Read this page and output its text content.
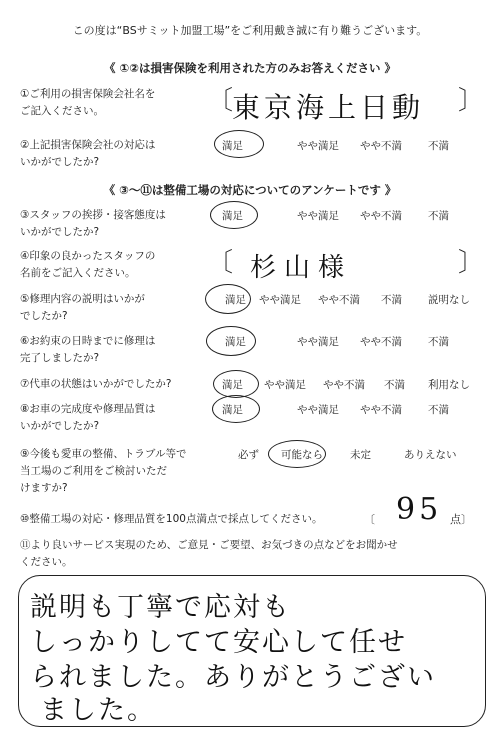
この度は“BSサミット加盟工場”をご利用戴き誠に有り難うございます。
《 ①②は損害保険を利用された方のみお答えください 》
①ご利用の損害保険会社名を
ご記入ください。	〔
東京海上日動 〕
②上記損害保険会社の対応は
いかがでしたか?
満足	やや満足 やや不満 不満
《 ③〜⑪は整備工場の対応についてのアンケートです 》
③スタッフの挨拶・接客態度は
いかがでしたか?
満足	やや満足 やや不満 不満
④印象の良かったスタッフの
名前をご記入ください。	〔 杉山様	〕
⑤修理内容の説明はいかが
でしたか?
満足 やや満足 やや不満 不満 説明なし
⑥お約束の日時までに修理は
完了しましたか?
満足	やや満足 やや不満 不満
⑦代車の状態はいかがでしたか?	満足 やや満足 やや不満 不満 利用なし
⑧お車の完成度や修理品質は
いかがでしたか?
満足	やや満足 やや不満 不満
⑨今後も愛車の整備、トラブル等で
当工場のご利用をご検討いただ
けますか?
必ず 可能なら	未定	ありえない
⑩整備工場の対応・修理品質を100点満点で採点してください。	〔 95 点〕
⑪より良いサービス実現のため、ご意見・ご要望、お気づきの点などをお聞かせ
ください。
説明も丁寧で応対も
しっかりしてて安心して任せ
られました。ありがとうござい
ました。
